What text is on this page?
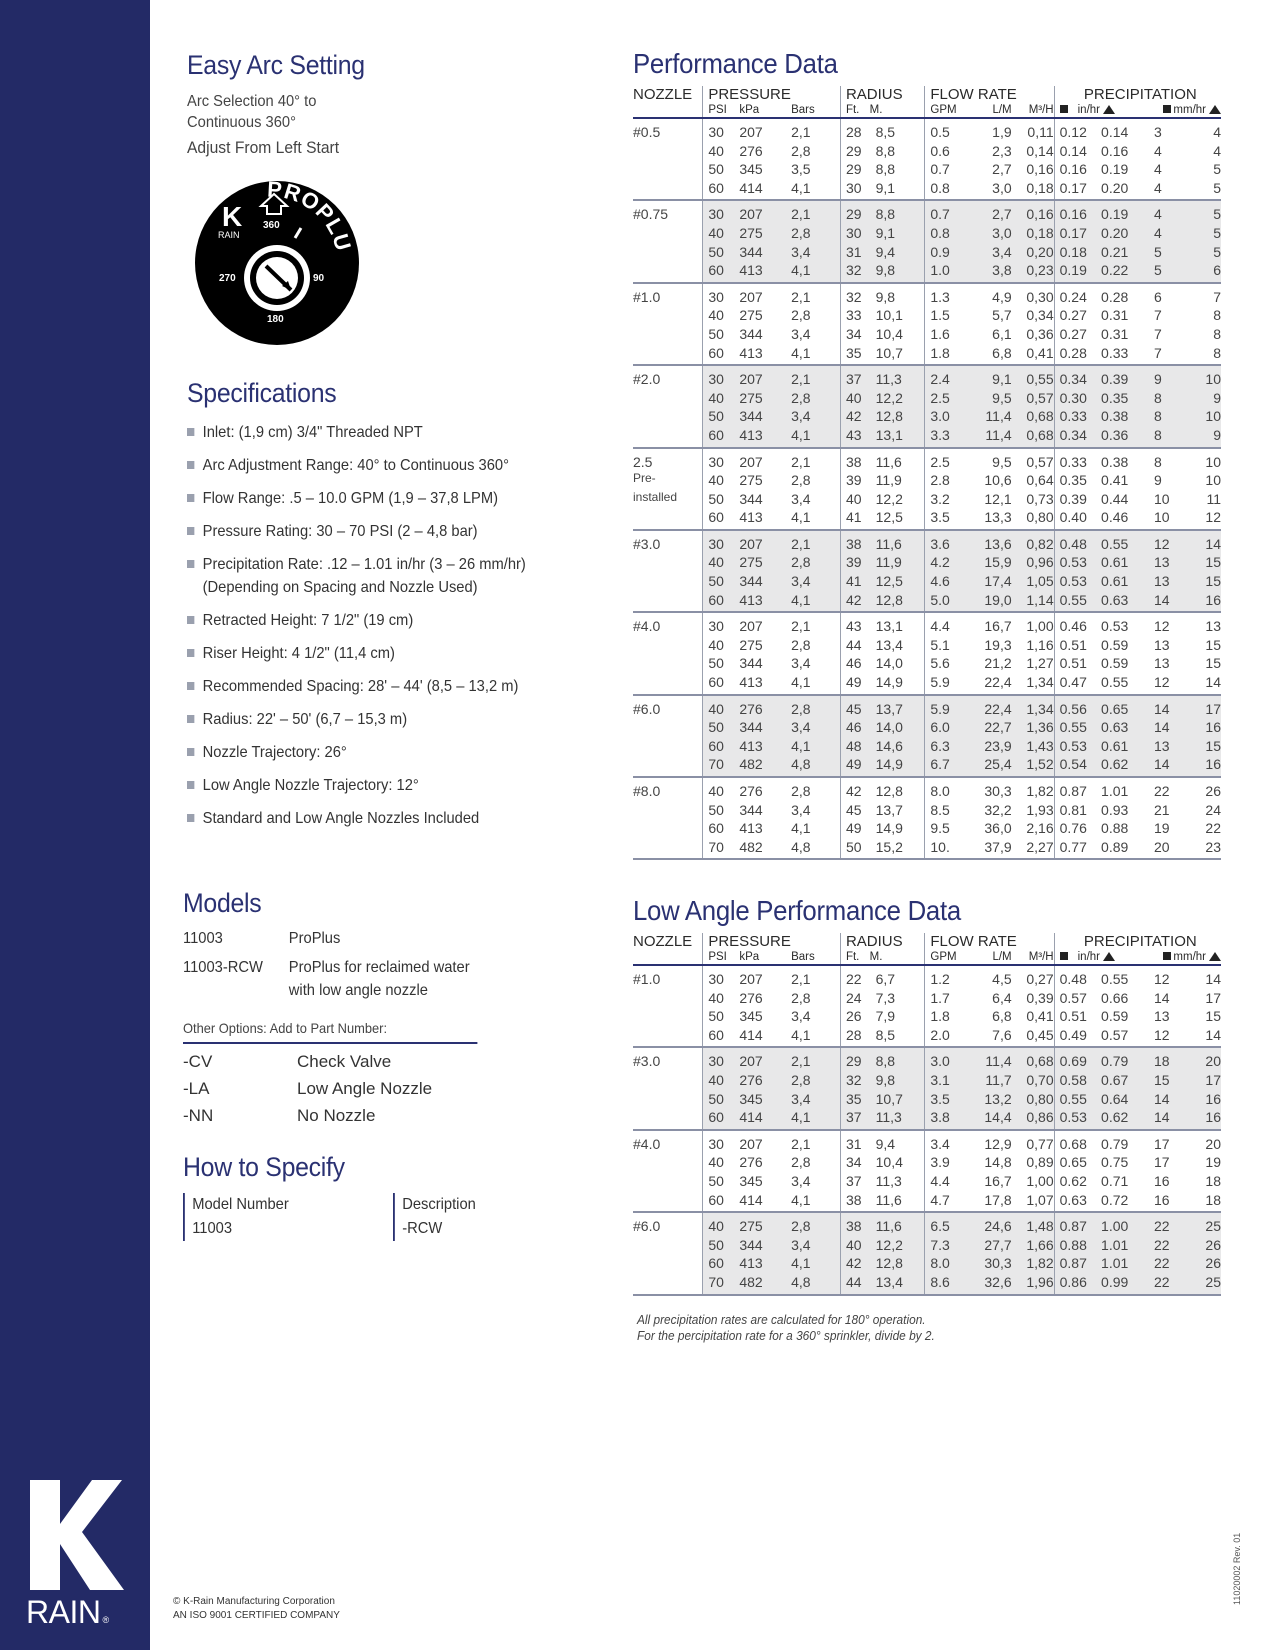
RAIN ®
Easy Arc Setting
Arc Selection 40° to
Continuous 360°
Adjust From Left Start
K
RAIN
360
270	90
180
PROPLU
Specifications
Inlet: (1,9 cm) 3/4" Threaded NPT
Arc Adjustment Range: 40° to Continuous 360°
Flow Range: .5 – 10.0 GPM (1,9 – 37,8 LPM)
Pressure Rating: 30 – 70 PSI (2 – 4,8 bar)
Precipitation Rate: .12 – 1.01 in/hr (3 – 26 mm/hr)
(Depending on Spacing and Nozzle Used)
Retracted Height: 7 1/2" (19 cm)
Riser Height: 4 1/2" (11,4 cm)
Recommended Spacing: 28' – 44' (8,5 – 13,2 m)
Radius: 22' – 50' (6,7 – 15,3 m)
Nozzle Trajectory: 26°
Low Angle Nozzle Trajectory: 12°
Standard and Low Angle Nozzles Included
Models
11003	ProPlus
11003-RCW	ProPlus for reclaimed water
with low angle nozzle
Other Options: Add to Part Number:
-CV	Check Valve
-LA	Low Angle Nozzle
-NN	No Nozzle
How to Specify
Model Number
11003
Description
-RCW
© K-Rain Manufacturing Corporation
AN ISO 9001 CERTIFIED COMPANY
11020002 Rev. 01
Performance Data
NOZZLE	PRESSURE			RADIUS		FLOW RATE			PRECIPITATION			
	PSI	kPa	Bars	Ft.	M.	GPM	L/M	M³/H	in/hr		mm/hr	
#0.5	30	207	2,1	28	8,5	0.5	1,9	0,11	0.12	0.14	3	4
	40	276	2,8	29	8,8	0.6	2,3	0,14	0.14	0.16	4	4
	50	345	3,5	29	8,8	0.7	2,7	0,16	0.16	0.19	4	5
	60	414	4,1	30	9,1	0.8	3,0	0,18	0.17	0.20	4	5
#0.75	30	207	2,1	29	8,8	0.7	2,7	0,16	0.16	0.19	4	5
	40	275	2,8	30	9,1	0.8	3,0	0,18	0.17	0.20	4	5
	50	344	3,4	31	9,4	0.9	3,4	0,20	0.18	0.21	5	5
	60	413	4,1	32	9,8	1.0	3,8	0,23	0.19	0.22	5	6
#1.0	30	207	2,1	32	9,8	1.3	4,9	0,30	0.24	0.28	6	7
	40	275	2,8	33	10,1	1.5	5,7	0,34	0.27	0.31	7	8
	50	344	3,4	34	10,4	1.6	6,1	0,36	0.27	0.31	7	8
	60	413	4,1	35	10,7	1.8	6,8	0,41	0.28	0.33	7	8
#2.0	30	207	2,1	37	11,3	2.4	9,1	0,55	0.34	0.39	9	10
	40	275	2,8	40	12,2	2.5	9,5	0,57	0.30	0.35	8	9
	50	344	3,4	42	12,8	3.0	11,4	0,68	0.33	0.38	8	10
	60	413	4,1	43	13,1	3.3	11,4	0,68	0.34	0.36	8	9
2.5	30	207	2,1	38	11,6	2.5	9,5	0,57	0.33	0.38	8	10

Pre-	40	275	2,8	39	11,9	2.8	10,6	0,64	0.35	0.41	9	10

installed	50	344	3,4	40	12,2	3.2	12,1	0,73	0.39	0.44	10	11
	60	413	4,1	41	12,5	3.5	13,3	0,80	0.40	0.46	10	12
#3.0	30	207	2,1	38	11,6	3.6	13,6	0,82	0.48	0.55	12	14
	40	275	2,8	39	11,9	4.2	15,9	0,96	0.53	0.61	13	15
	50	344	3,4	41	12,5	4.6	17,4	1,05	0.53	0.61	13	15
	60	413	4,1	42	12,8	5.0	19,0	1,14	0.55	0.63	14	16
#4.0	30	207	2,1	43	13,1	4.4	16,7	1,00	0.46	0.53	12	13
	40	275	2,8	44	13,4	5.1	19,3	1,16	0.51	0.59	13	15
	50	344	3,4	46	14,0	5.6	21,2	1,27	0.51	0.59	13	15
	60	413	4,1	49	14,9	5.9	22,4	1,34	0.47	0.55	12	14
#6.0	40	276	2,8	45	13,7	5.9	22,4	1,34	0.56	0.65	14	17
	50	344	3,4	46	14,0	6.0	22,7	1,36	0.55	0.63	14	16
	60	413	4,1	48	14,6	6.3	23,9	1,43	0.53	0.61	13	15
	70	482	4,8	49	14,9	6.7	25,4	1,52	0.54	0.62	14	16
#8.0	40	276	2,8	42	12,8	8.0	30,3	1,82	0.87	1.01	22	26
	50	344	3,4	45	13,7	8.5	32,2	1,93	0.81	0.93	21	24
	60	413	4,1	49	14,9	9.5	36,0	2,16	0.76	0.88	19	22
	70	482	4,8	50	15,2	10.	37,9	2,27	0.77	0.89	20	23
Low Angle Performance Data
NOZZLE	PRESSURE			RADIUS		FLOW RATE			PRECIPITATION			
	PSI	kPa	Bars	Ft.	M.	GPM	L/M	M³/H	in/hr		mm/hr	
#1.0	30	207	2,1	22	6,7	1.2	4,5	0,27	0.48	0.55	12	14
	40	276	2,8	24	7,3	1.7	6,4	0,39	0.57	0.66	14	17
	50	345	3,4	26	7,9	1.8	6,8	0,41	0.51	0.59	13	15
	60	414	4,1	28	8,5	2.0	7,6	0,45	0.49	0.57	12	14
#3.0	30	207	2,1	29	8,8	3.0	11,4	0,68	0.69	0.79	18	20
	40	276	2,8	32	9,8	3.1	11,7	0,70	0.58	0.67	15	17
	50	345	3,4	35	10,7	3.5	13,2	0,80	0.55	0.64	14	16
	60	414	4,1	37	11,3	3.8	14,4	0,86	0.53	0.62	14	16
#4.0	30	207	2,1	31	9,4	3.4	12,9	0,77	0.68	0.79	17	20
	40	276	2,8	34	10,4	3.9	14,8	0,89	0.65	0.75	17	19
	50	345	3,4	37	11,3	4.4	16,7	1,00	0.62	0.71	16	18
	60	414	4,1	38	11,6	4.7	17,8	1,07	0.63	0.72	16	18
#6.0	40	275	2,8	38	11,6	6.5	24,6	1,48	0.87	1.00	22	25
	50	344	3,4	40	12,2	7.3	27,7	1,66	0.88	1.01	22	26
	60	413	4,1	42	12,8	8.0	30,3	1,82	0.87	1.01	22	26
	70	482	4,8	44	13,4	8.6	32,6	1,96	0.86	0.99	22	25
All precipitation rates are calculated for 180° operation.
For the percipitation rate for a 360° sprinkler, divide by 2.
